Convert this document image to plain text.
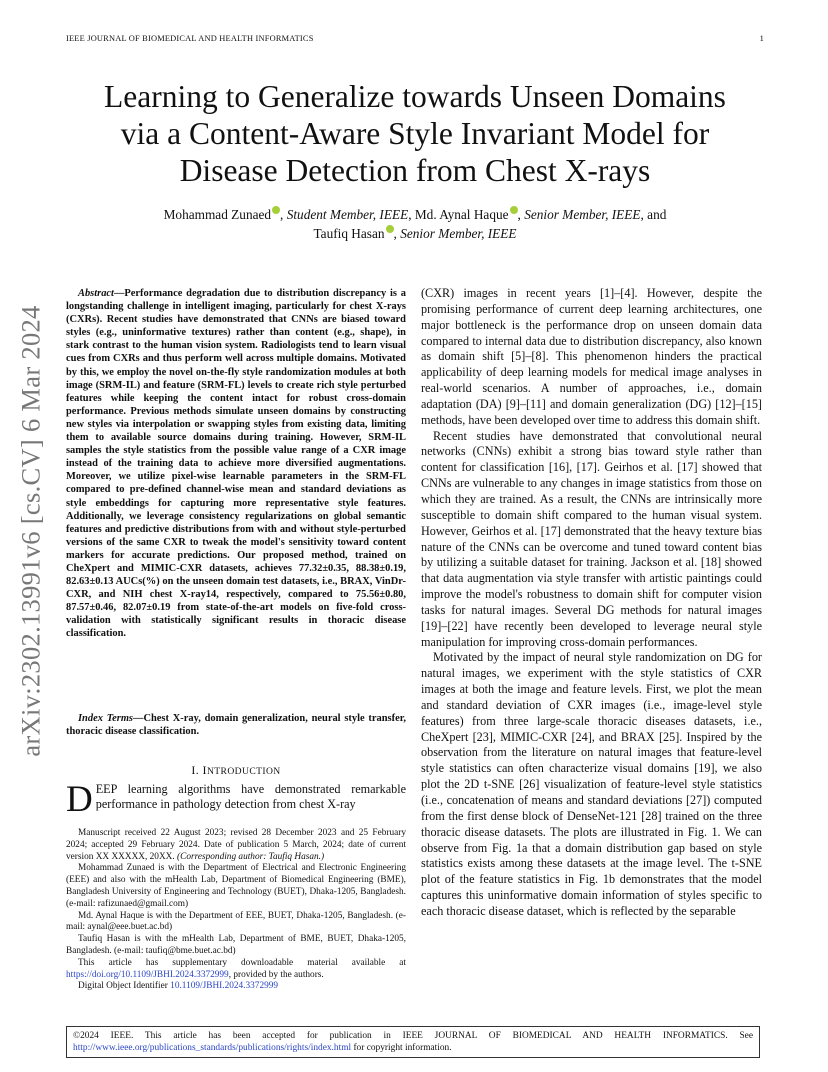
IEEE JOURNAL OF BIOMEDICAL AND HEALTH INFORMATICS	1
arXiv:2302.13991v6 [cs.CV] 6 Mar 2024
Learning to Generalize towards Unseen Domains
via a Content-Aware Style Invariant Model for
Disease Detection from Chest X-rays
Mohammad Zunaed , Student Member, IEEE, Md. Aynal Haque , Senior Member, IEEE, and
Taufiq Hasan , Senior Member, IEEE

Abstract—Performance degradation due to distribution discrepancy is a longstanding challenge in intelligent imaging, particularly for chest X-rays (CXRs). Recent studies have demonstrated that CNNs are biased toward styles (e.g., uninformative textures) rather than content (e.g., shape), in stark contrast to the human vision system. Radiologists tend to learn visual cues from CXRs and thus perform well across multiple domains. Motivated by this, we employ the novel on-the-fly style randomization modules at both image (SRM-IL) and feature (SRM-FL) levels to create rich style perturbed features while keeping the content intact for robust cross-domain performance. Previous methods simulate unseen domains by constructing new styles via interpolation or swapping styles from existing data, limiting them to available source domains during training. However, SRM-IL samples the style statistics from the possible value range of a CXR image instead of the training data to achieve more diversified augmentations. Moreover, we utilize pixel-wise learnable parameters in the SRM-FL compared to pre-defined channel-wise mean and standard deviations as style embeddings for capturing more representative style features. Additionally, we leverage consistency regularizations on global semantic features and predictive distributions from with and without style-perturbed versions of the same CXR to tweak the model's sensitivity toward content markers for accurate predictions. Our proposed method, trained on CheXpert and MIMIC-CXR datasets, achieves 77.32±0.35, 88.38±0.19, 82.63±0.13 AUCs(%) on the unseen domain test datasets, i.e., BRAX, VinDr-CXR, and NIH chest X-ray14, respectively, compared to 75.56±0.80, 87.57±0.46, 82.07±0.19 from state-of-the-art models on five-fold cross-validation with statistically significant results in thoracic disease classification.

Index Terms—Chest X-ray, domain generalization, neural style transfer, thoracic disease classification.

I. INTRODUCTION

DEEP learning algorithms have demonstrated remarkable performance in pathology detection from chest X-ray

Manuscript received 22 August 2023; revised 28 December 2023 and 25 February 2024; accepted 29 February 2024. Date of publication 5 March, 2024; date of current version XX XXXXX, 20XX. (Corresponding author: Taufiq Hasan.)

Mohammad Zunaed is with the Department of Electrical and Electronic Engineering (EEE) and also with the mHealth Lab, Department of Biomedical Engineering (BME), Bangladesh University of Engineering and Technology (BUET), Dhaka-1205, Bangladesh. (e-mail: rafizunaed@gmail.com)

Md. Aynal Haque is with the Department of EEE, BUET, Dhaka-1205, Bangladesh. (e-mail: aynal@eee.buet.ac.bd)

Taufiq Hasan is with the mHealth Lab, Department of BME, BUET, Dhaka-1205, Bangladesh. (e-mail: taufiq@bme.buet.ac.bd)

This article has supplementary downloadable material available at https://doi.org/10.1109/JBHI.2024.3372999, provided by the authors.

Digital Object Identifier 10.1109/JBHI.2024.3372999

(CXR) images in recent years [1]–[4]. However, despite the promising performance of current deep learning architectures, one major bottleneck is the performance drop on unseen domain data compared to internal data due to distribution discrepancy, also known as domain shift [5]–[8]. This phenomenon hinders the practical applicability of deep learning models for medical image analyses in real-world scenarios. A number of approaches, i.e., domain adaptation (DA) [9]–[11] and domain generalization (DG) [12]–[15] methods, have been developed over time to address this domain shift.

Recent studies have demonstrated that convolutional neural networks (CNNs) exhibit a strong bias toward style rather than content for classification [16], [17]. Geirhos et al. [17] showed that CNNs are vulnerable to any changes in image statistics from those on which they are trained. As a result, the CNNs are intrinsically more susceptible to domain shift compared to the human visual system. However, Geirhos et al. [17] demonstrated that the heavy texture bias nature of the CNNs can be overcome and tuned toward content bias by utilizing a suitable dataset for training. Jackson et al. [18] showed that data augmentation via style transfer with artistic paintings could improve the model's robustness to domain shift for computer vision tasks for natural images. Several DG methods for natural images [19]–[22] have recently been developed to leverage neural style manipulation for improving cross-domain performances.

Motivated by the impact of neural style randomization on DG for natural images, we experiment with the style statistics of CXR images at both the image and feature levels. First, we plot the mean and standard deviation of CXR images (i.e., image-level style features) from three large-scale thoracic diseases datasets, i.e., CheXpert [23], MIMIC-CXR [24], and BRAX [25]. Inspired by the observation from the literature on natural images that feature-level style statistics can often characterize visual domains [19], we also plot the 2D t-SNE [26] visualization of feature-level style statistics (i.e., concatenation of means and standard deviations [27]) computed from the first dense block of DenseNet-121 [28] trained on the three thoracic disease datasets. The plots are illustrated in Fig. 1. We can observe from Fig. 1a that a domain distribution gap based on style statistics exists among these datasets at the image level. The t-SNE plot of the feature statistics in Fig. 1b demonstrates that the model captures this uninformative domain information of styles specific to each thoracic disease dataset, which is reflected by the separable

©2024 IEEE. This article has been accepted for publication in IEEE JOURNAL OF BIOMEDICAL AND HEALTH INFORMATICS. See http://www.ieee.org/publications_standards/publications/rights/index.html for copyright information.
